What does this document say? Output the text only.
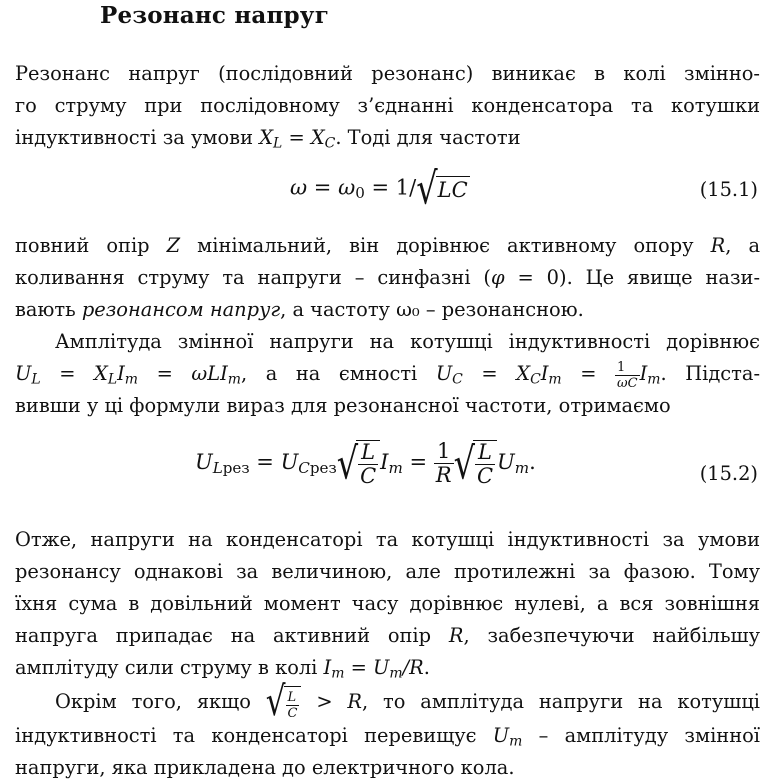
Резонанс напруг

Резонанс напруг (послідовний резонанс) виникає в колі змінно-
го струму при послідовному з’єднанні конденсатора та котушки
індуктивності за умови $X_L = X_C$. Тоді для частоти

$\omega = \omega_0 = 1/√LC$	(15.1)

повний опір Z мінімальний, він дорівнює активному опору R, а
коливання струму та напруги – синфазні (φ = 0). Це явище нази-
вають резонансом напруг, а частоту ω₀ – резонансною.

Амплітуда змінної напруги на котушці індуктивності дорівнює
$U_L = X_LI_m = \omega LI_m$, а на ємності $U_C = X_CI_m = \frac{1}{\omega C} I_m$. Підста-
вивши у ці формули вираз для резонансної частоти, отримаємо

$U_{Lрез} = U_{Cрез}√ \frac{L}{C} I_m = \frac{1}{R}$ √ $\frac{L}{C} U_m$.	(15.2)

Отже, напруги на конденсаторі та котушці індуктивності за умови
резонансу однакові за величиною, але протилежні за фазою. Тому
їхня сума в довільний момент часу дорівнює нулеві, а вся зовнішня
напруга припадає на активний опір R, забезпечуючи найбільшу
амплітуду сили струму в колі $I_m = U_m/R$.

Окрім того, якщо √ $\frac{L}{C} > R$, то амплітуда напруги на котушці
індуктивності та конденсаторі перевищує $U_m$ – амплітуду змінної
напруги, яка прикладена до електричного кола.
